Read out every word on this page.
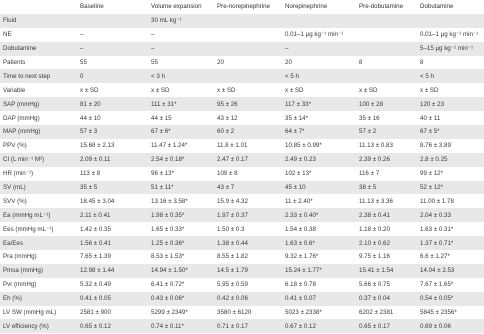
	Baseline	Volume expansion	Pre-norepinephrine	Norepinephrine	Pre-dobutamine	Dobutamine
Fluid		30 mL kg⁻¹				
NE	–	–		0.01–1 μg kg⁻¹ min⁻¹		0.01–1 μg kg⁻¹ min⁻¹
Dobutamine	–	–		–		5–15 μg kg⁻¹ min⁻¹
Patients	55	55	20	20	8	8
Time to next step	0	< 3 h		< 5 h		< 5 h
Variable	x ± SD	x ± SD	x ± SD	x ± SD	x ± SD	x ± SD
SAP (mmHg)	81 ± 20	111 ± 31*	95 ± 26	117 ± 33*	100 ± 28	120 ± 23
DAP (mmHg)	44 ± 10	44 ± 15	43 ± 12	35 ± 14*	35 ± 16	40 ± 11
MAP (mmHg)	57 ± 3	67 ± 6*	60 ± 2	64 ± 7*	57 ± 2	67 ± 5*
PPV (%)	15.68 ± 2.13	11.47 ± 1.24*	11.8 ± 1.01	10.85 ± 0.99*	11.13 ± 0.83	8.76 ± 3.89
CI (L min⁻¹ M²)	2.09 ± 0.11	2.54 ± 0.18*	2.47 ± 0.17	2.49 ± 0.23	2.39 ± 0.26	2.8 ± 0.25
HR (min⁻¹)	113 ± 8	96 ± 13*	109 ± 8	102 ± 13*	116 ± 7	99 ± 12*
SV (mL)	35 ± 5	51 ± 11*	43 ± 7	45 ± 10	38 ± 5	52 ± 12*
SVV (%)	18.45 ± 3.04	13.16 ± 3.58*	15.9 ± 4.32	11 ± 2.40*	11.13 ± 3.36	11.00 ± 1.78
Ea (mmHg mL⁻¹)	2.11 ± 0.41	1.98 ± 0.35*	1.97 ± 0.37	2.33 ± 0.40*	2.38 ± 0.41	2.04 ± 0.33
Ees (mmHg mL⁻¹)	1.42 ± 0.35	1.65 ± 0.33*	1.50 ± 0.3	1.54 ± 0.38	1.18 ± 0.20	1.63 ± 0.31*
Ea/Ees	1.56 ± 0.41	1.25 ± 0.36*	1.38 ± 0.44	1.63 ± 0.6*	2.10 ± 0.62	1.37 ± 0.71*
Pra (mmHg)	7.65 ± 1.39	8.53 ± 1.53*	8.55 ± 1.82	9.32 ± 1.76*	9.75 ± 1.16	6.6 ± 1.27*
Pmsa (mmHg)	12.98 ± 1.44	14.94 ± 1.50*	14.5 ± 1.79	15.24 ± 1.77*	15.41 ± 1.54	14.04 ± 2.53
Pvr (mmHg)	5.32 ± 0.49	6.41 ± 0.72*	5.95 ± 0.59	6.18 ± 0.78	5.66 ± 0.75	7.67 ± 1.65*
Eh (%)	0.41 ± 0.05	0.43 ± 0.06*	0.42 ± 0.06	0.41 ± 0.07	0.37 ± 0.04	0.54 ± 0.05*
LV SW (mmHg mL)	2581 ± 900	5299 ± 2349*	3580 ± 6120	5023 ± 2338*	6202 ± 2381	5845 ± 2356*
LV efficiency (%)	0.65 ± 0.12	0.74 ± 0.11*	0.71 ± 0.17	0.67 ± 0.12	0.65 ± 0.17	0.69 ± 0.06
